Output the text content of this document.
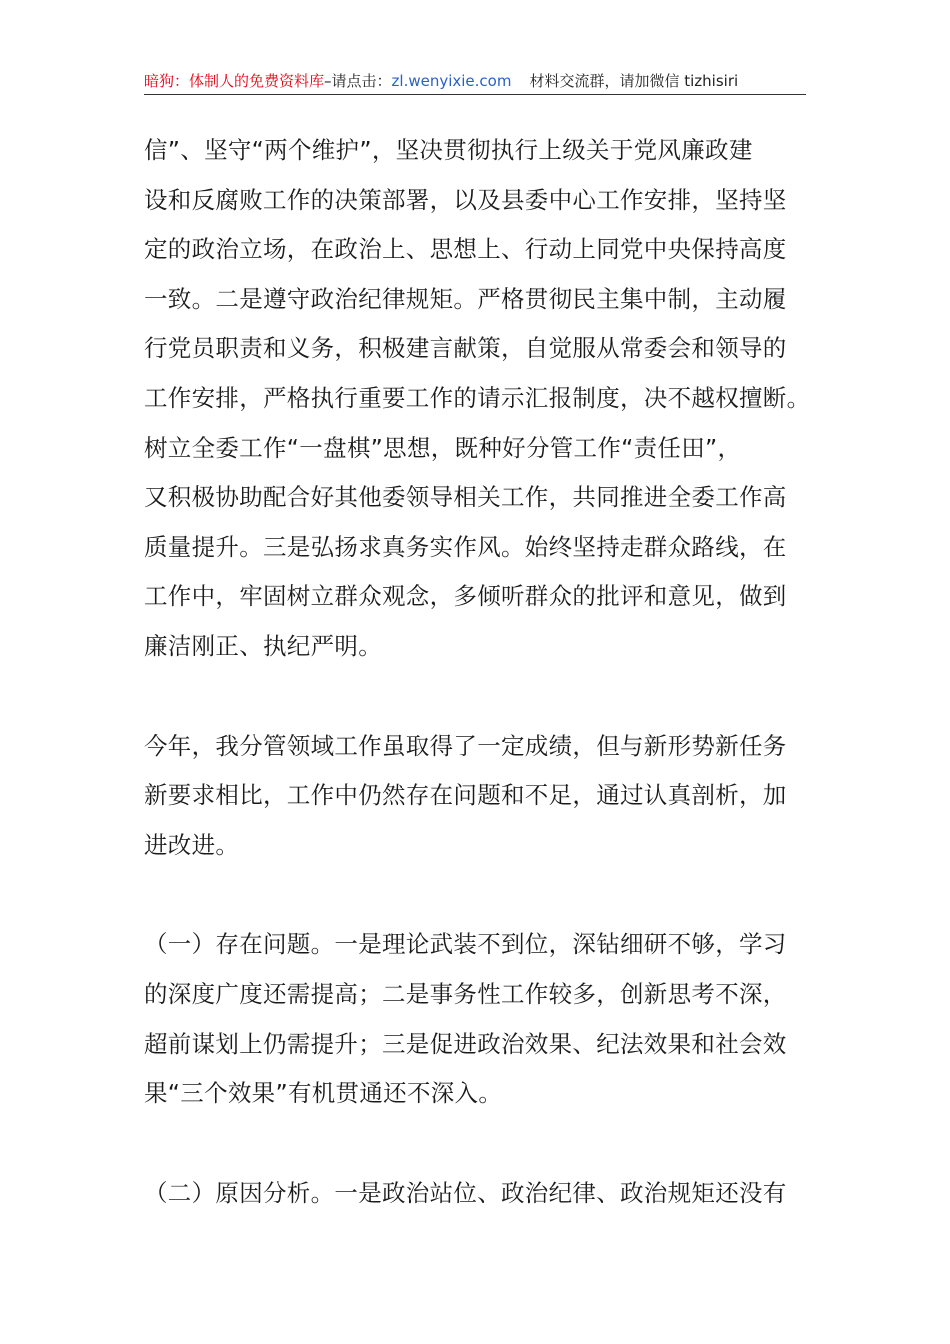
暗狗：体制人的免费资料库–请点击：zl.wenyixie.com 材料交流群，请加微信 tizhisiri

信”、坚守“两个维护”，坚决贯彻执行上级关于党风廉政建
设和反腐败工作的决策部署，以及县委中心工作安排，坚持坚
定的政治立场，在政治上、思想上、行动上同党中央保持高度
一致。二是遵守政治纪律规矩。严格贯彻民主集中制，主动履
行党员职责和义务，积极建言献策，自觉服从常委会和领导的
工作安排，严格执行重要工作的请示汇报制度，决不越权擅断。
树立全委工作“一盘棋”思想，既种好分管工作“责任田”，
又积极协助配合好其他委领导相关工作，共同推进全委工作高
质量提升。三是弘扬求真务实作风。始终坚持走群众路线，在
工作中，牢固树立群众观念，多倾听群众的批评和意见，做到
廉洁刚正、执纪严明。

今年，我分管领域工作虽取得了一定成绩，但与新形势新任务
新要求相比，工作中仍然存在问题和不足，通过认真剖析，加
进改进。

（一）存在问题。一是理论武装不到位，深钻细研不够，学习
的深度广度还需提高；二是事务性工作较多，创新思考不深，
超前谋划上仍需提升；三是促进政治效果、纪法效果和社会效
果“三个效果”有机贯通还不深入。

（二）原因分析。一是政治站位、政治纪律、政治规矩还没有
